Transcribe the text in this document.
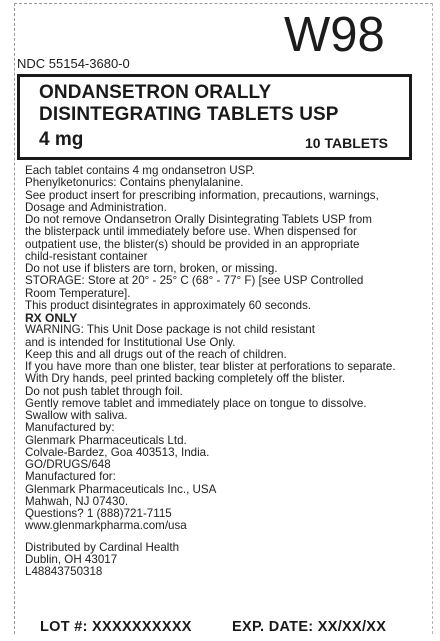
W98
NDC 55154-3680-0
ONDANSETRON ORALLY
DISINTEGRATING TABLETS USP
4 mg	10 TABLETS
Each tablet contains 4 mg ondansetron USP.
Phenylketonurics: Contains phenylalanine.
See product insert for prescribing information, precautions, warnings,
Dosage and Administration.
Do not remove Ondansetron Orally Disintegrating Tablets USP from
the blisterpack until immediately before use. When dispensed for
outpatient use, the blister(s) should be provided in an appropriate
child-resistant container
Do not use if blisters are torn, broken, or missing.
STORAGE: Store at 20° - 25° C (68° - 77° F) [see USP Controlled
Room Temperature].
This product disintegrates in approximately 60 seconds.
RX ONLY
WARNING: This Unit Dose package is not child resistant
and is intended for Institutional Use Only.
Keep this and all drugs out of the reach of children.
If you have more than one blister, tear blister at perforations to separate.
With Dry hands, peel printed backing completely off the blister.
Do not push tablet through foil.
Gently remove tablet and immediately place on tongue to dissolve.
Swallow with saliva.
Manufactured by:
Glenmark Pharmaceuticals Ltd.
Colvale-Bardez, Goa 403513, India.
GO/DRUGS/648
Manufactured for:
Glenmark Pharmaceuticals Inc., USA
Mahwah, NJ 07430.
Questions? 1 (888)721-7115
www.glenmarkpharma.com/usa
Distributed by Cardinal Health
Dublin, OH 43017
L48843750318
LOT #: XXXXXXXXXX	EXP. DATE: XX/XX/XX
